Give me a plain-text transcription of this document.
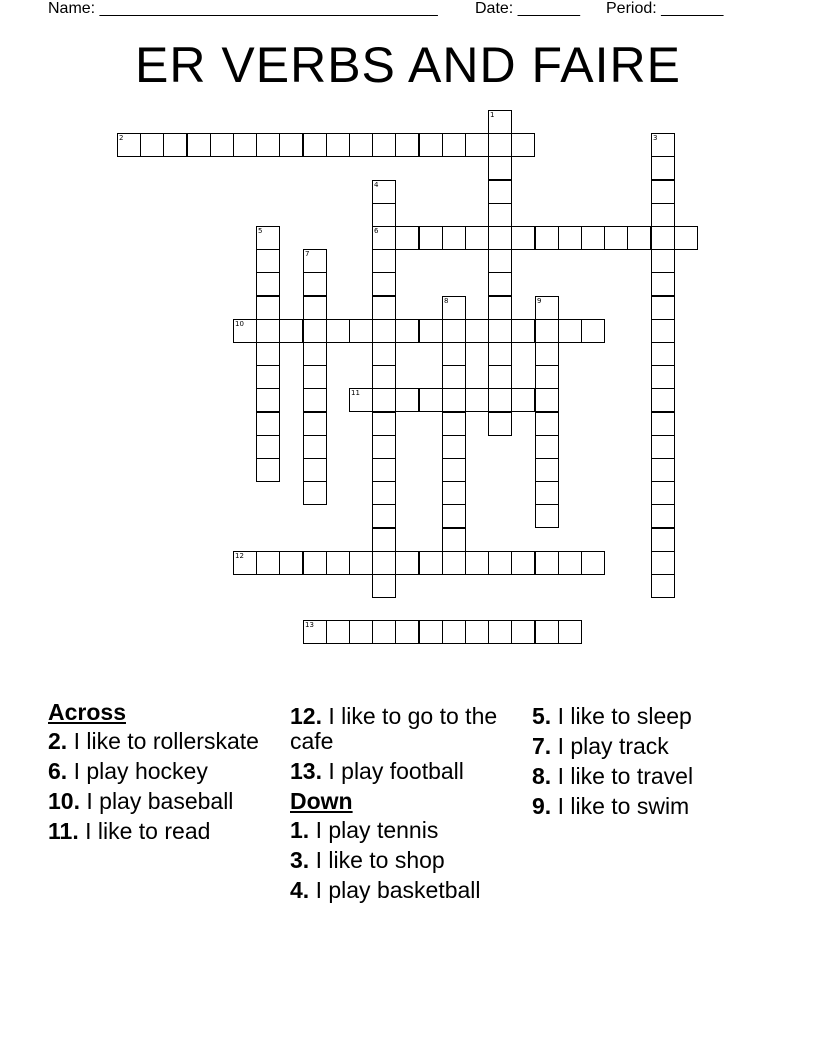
Name: ______________________________________ Date: _______ Period: _______
ER VERBS AND FAIRE
1
2	3
4
6
5
7
8	9
10
11
12
13
Across
2. I like to rollerskate
6. I play hockey
10. I play baseball
11. I like to read
12. I like to go to the cafe
13. I play football
Down
1. I play tennis
3. I like to shop
4. I play basketball
5. I like to sleep
7. I play track
8. I like to travel
9. I like to swim
